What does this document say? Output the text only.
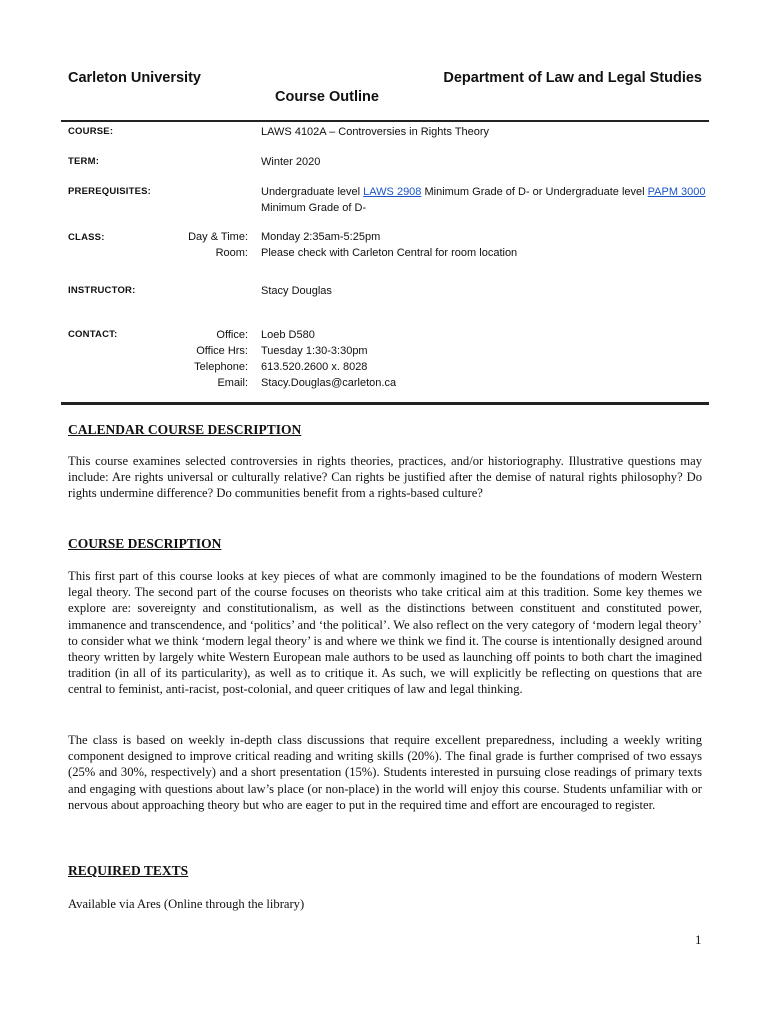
Carleton University	Department of Law and Legal Studies
Course Outline
COURSE:	LAWS 4102A – Controversies in Rights Theory
TERM:	Winter 2020
PREREQUISITES:	Undergraduate level LAWS 2908 Minimum Grade of D- or Undergraduate level PAPM 3000 Minimum Grade of D-
CLASS:	Day & Time: Monday 2:35am-5:25pm
Room: Please check with Carleton Central for room location
INSTRUCTOR:	Stacy Douglas
CONTACT:	Office: Loeb D580
Office Hrs: Tuesday 1:30-3:30pm
Telephone: 613.520.2600 x. 8028
Email: Stacy.Douglas@carleton.ca
CALENDAR COURSE DESCRIPTION
This course examines selected controversies in rights theories, practices, and/or historiography. Illustrative questions may include: Are rights universal or culturally relative? Can rights be justified after the demise of natural rights philosophy? Do rights undermine difference? Do communities benefit from a rights-based culture?
COURSE DESCRIPTION
This first part of this course looks at key pieces of what are commonly imagined to be the foundations of modern Western legal theory. The second part of the course focuses on theorists who take critical aim at this tradition. Some key themes we explore are: sovereignty and constitutionalism, as well as the distinctions between constituent and constituted power, immanence and transcendence, and ‘politics’ and ‘the political’. We also reflect on the very category of ‘modern legal theory’ to consider what we think ‘modern legal theory’ is and where we think we find it. The course is intentionally designed around theory written by largely white Western European male authors to be used as launching off points to both chart the imagined tradition (in all of its particularity), as well as to critique it. As such, we will explicitly be reflecting on questions that are central to feminist, anti-racist, post-colonial, and queer critiques of law and legal thinking.
The class is based on weekly in-depth class discussions that require excellent preparedness, including a weekly writing component designed to improve critical reading and writing skills (20%). The final grade is further comprised of two essays (25% and 30%, respectively) and a short presentation (15%). Students interested in pursuing close readings of primary texts and engaging with questions about law’s place (or non-place) in the world will enjoy this course. Students unfamiliar with or nervous about approaching theory but who are eager to put in the required time and effort are encouraged to register.
REQUIRED TEXTS
Available via Ares (Online through the library)
1
